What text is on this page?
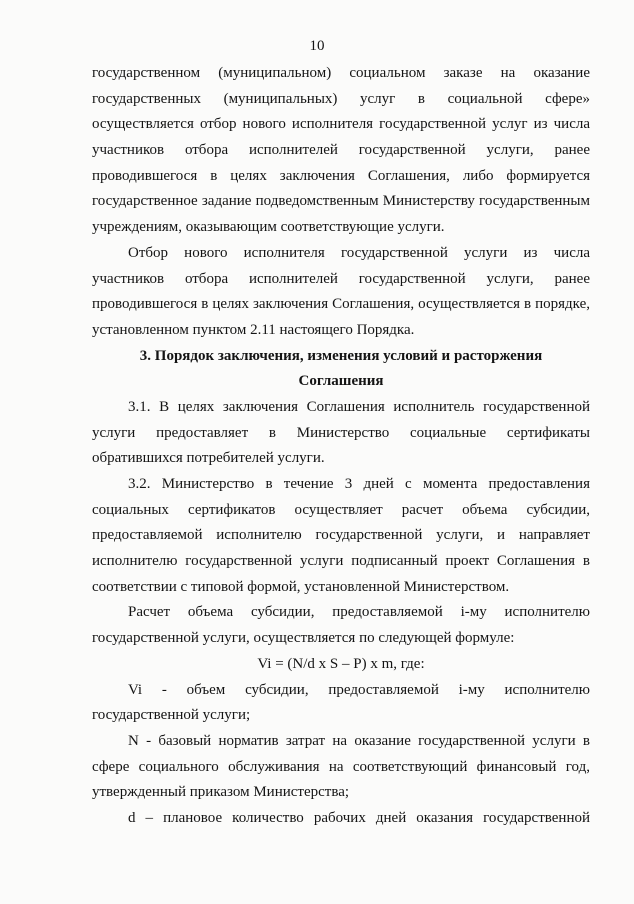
10
государственном (муниципальном) социальном заказе на оказание
государственных (муниципальных) услуг в социальной сфере»
осуществляется отбор нового исполнителя государственной услуг из числа
участников отбора исполнителей государственной услуги, ранее
проводившегося в целях заключения Соглашения, либо формируется
государственное задание подведомственным Министерству государственным
учреждениям, оказывающим соответствующие услуги.
Отбор нового исполнителя государственной услуги из числа
участников отбора исполнителей государственной услуги, ранее
проводившегося в целях заключения Соглашения, осуществляется в порядке,
установленном пунктом 2.11 настоящего Порядка.
3. Порядок заключения, изменения условий и расторжения
Соглашения
3.1. В целях заключения Соглашения исполнитель государственной
услуги предоставляет в Министерство социальные сертификаты
обратившихся потребителей услуги.
3.2. Министерство в течение 3 дней с момента предоставления
социальных сертификатов осуществляет расчет объема субсидии,
предоставляемой исполнителю государственной услуги, и направляет
исполнителю государственной услуги подписанный проект Соглашения в
соответствии с типовой формой, установленной Министерством.
Расчет объема субсидии, предоставляемой i-му исполнителю
государственной услуги, осуществляется по следующей формуле:
Vi = (N/d x S – P) x m, где:
Vi - объем субсидии, предоставляемой i-му исполнителю
государственной услуги;
N - базовый норматив затрат на оказание государственной услуги в
сфере социального обслуживания на соответствующий финансовый год,
утвержденный приказом Министерства;
d – плановое количество рабочих дней оказания государственной
